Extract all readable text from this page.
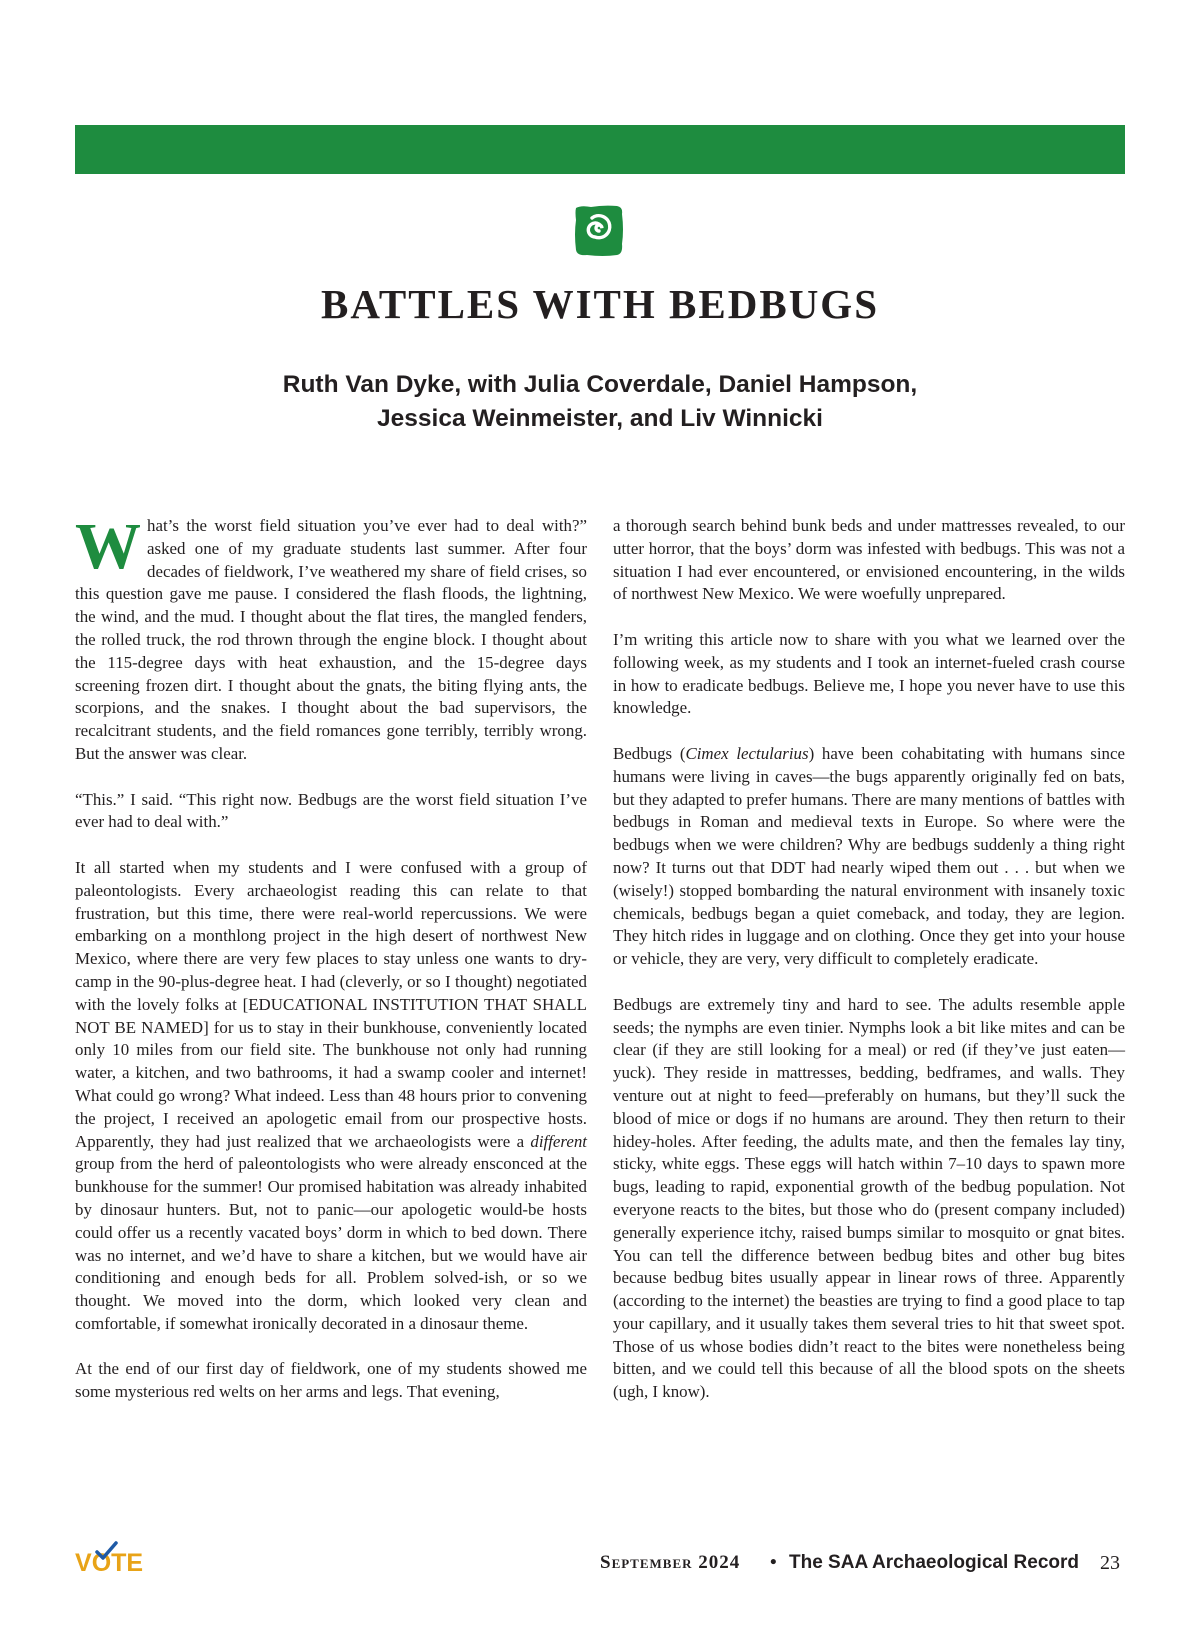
BATTLES WITH BEDBUGS
Ruth Van Dyke, with Julia Coverdale, Daniel Hampson,
Jessica Weinmeister, and Liv Winnicki

What’s the worst field situation you’ve ever had to deal with?” asked one of my graduate students last summer. After four decades of fieldwork, I’ve weathered my share of field crises, so this question gave me pause. I considered the flash floods, the lightning, the wind, and the mud. I thought about the flat tires, the mangled fenders, the rolled truck, the rod thrown through the engine block. I thought about the 115-degree days with heat exhaustion, and the 15-degree days screening frozen dirt. I thought about the gnats, the biting flying ants, the scorpions, and the snakes. I thought about the bad supervisors, the recalcitrant students, and the field romances gone terribly, terribly wrong. But the answer was clear.

“This.” I said. “This right now. Bedbugs are the worst field situation I’ve ever had to deal with.”

It all started when my students and I were confused with a group of paleontologists. Every archaeologist reading this can relate to that frustration, but this time, there were real-world repercussions. We were embarking on a monthlong project in the high desert of northwest New Mexico, where there are very few places to stay unless one wants to dry-camp in the 90-plus-degree heat. I had (cleverly, or so I thought) negotiated with the lovely folks at [EDUCATIONAL INSTITUTION THAT SHALL NOT BE NAMED] for us to stay in their bunkhouse, conveniently located only 10 miles from our field site. The bunkhouse not only had running water, a kitchen, and two bathrooms, it had a swamp cooler and internet! What could go wrong? What indeed. Less than 48 hours prior to convening the project, I received an apologetic email from our prospective hosts. Apparently, they had just realized that we archaeologists were a different group from the herd of paleontologists who were already ensconced at the bunkhouse for the summer! Our promised habitation was already inhabited by dinosaur hunters. But, not to panic—our apologetic would-be hosts could offer us a recently vacated boys’ dorm in which to bed down. There was no internet, and we’d have to share a kitchen, but we would have air conditioning and enough beds for all. Problem solved-ish, or so we thought. We moved into the dorm, which looked very clean and comfortable, if somewhat ironically decorated in a dinosaur theme.

At the end of our first day of fieldwork, one of my students showed me some mysterious red welts on her arms and legs. That evening,

a thorough search behind bunk beds and under mattresses revealed, to our utter horror, that the boys’ dorm was infested with bedbugs. This was not a situation I had ever encountered, or envisioned encountering, in the wilds of northwest New Mexico. We were woefully unprepared.

I’m writing this article now to share with you what we learned over the following week, as my students and I took an internet-fueled crash course in how to eradicate bedbugs. Believe me, I hope you never have to use this knowledge.

Bedbugs (Cimex lectularius) have been cohabitating with humans since humans were living in caves—the bugs apparently originally fed on bats, but they adapted to prefer humans. There are many mentions of battles with bedbugs in Roman and medieval texts in Europe. So where were the bedbugs when we were children? Why are bedbugs suddenly a thing right now? It turns out that DDT had nearly wiped them out . . . but when we (wisely!) stopped bombarding the natural environment with insanely toxic chemicals, bedbugs began a quiet comeback, and today, they are legion. They hitch rides in luggage and on clothing. Once they get into your house or vehicle, they are very, very difficult to completely eradicate.

Bedbugs are extremely tiny and hard to see. The adults resemble apple seeds; the nymphs are even tinier. Nymphs look a bit like mites and can be clear (if they are still looking for a meal) or red (if they’ve just eaten—yuck). They reside in mattresses, bedding, bedframes, and walls. They venture out at night to feed—preferably on humans, but they’ll suck the blood of mice or dogs if no humans are around. They then return to their hidey-holes. After feeding, the adults mate, and then the females lay tiny, sticky, white eggs. These eggs will hatch within 7–10 days to spawn more bugs, leading to rapid, exponential growth of the bedbug population. Not everyone reacts to the bites, but those who do (present company included) generally experience itchy, raised bumps similar to mosquito or gnat bites. You can tell the difference between bedbug bites and other bug bites because bedbug bites usually appear in linear rows of three. Apparently (according to the internet) the beasties are trying to find a good place to tap your capillary, and it usually takes them several tries to hit that sweet spot. Those of us whose bodies didn’t react to the bites were nonetheless being bitten, and we could tell this because of all the blood spots on the sheets (ugh, I know).

VO
TE	September 2024 • The SAA Archaeological Record 23
